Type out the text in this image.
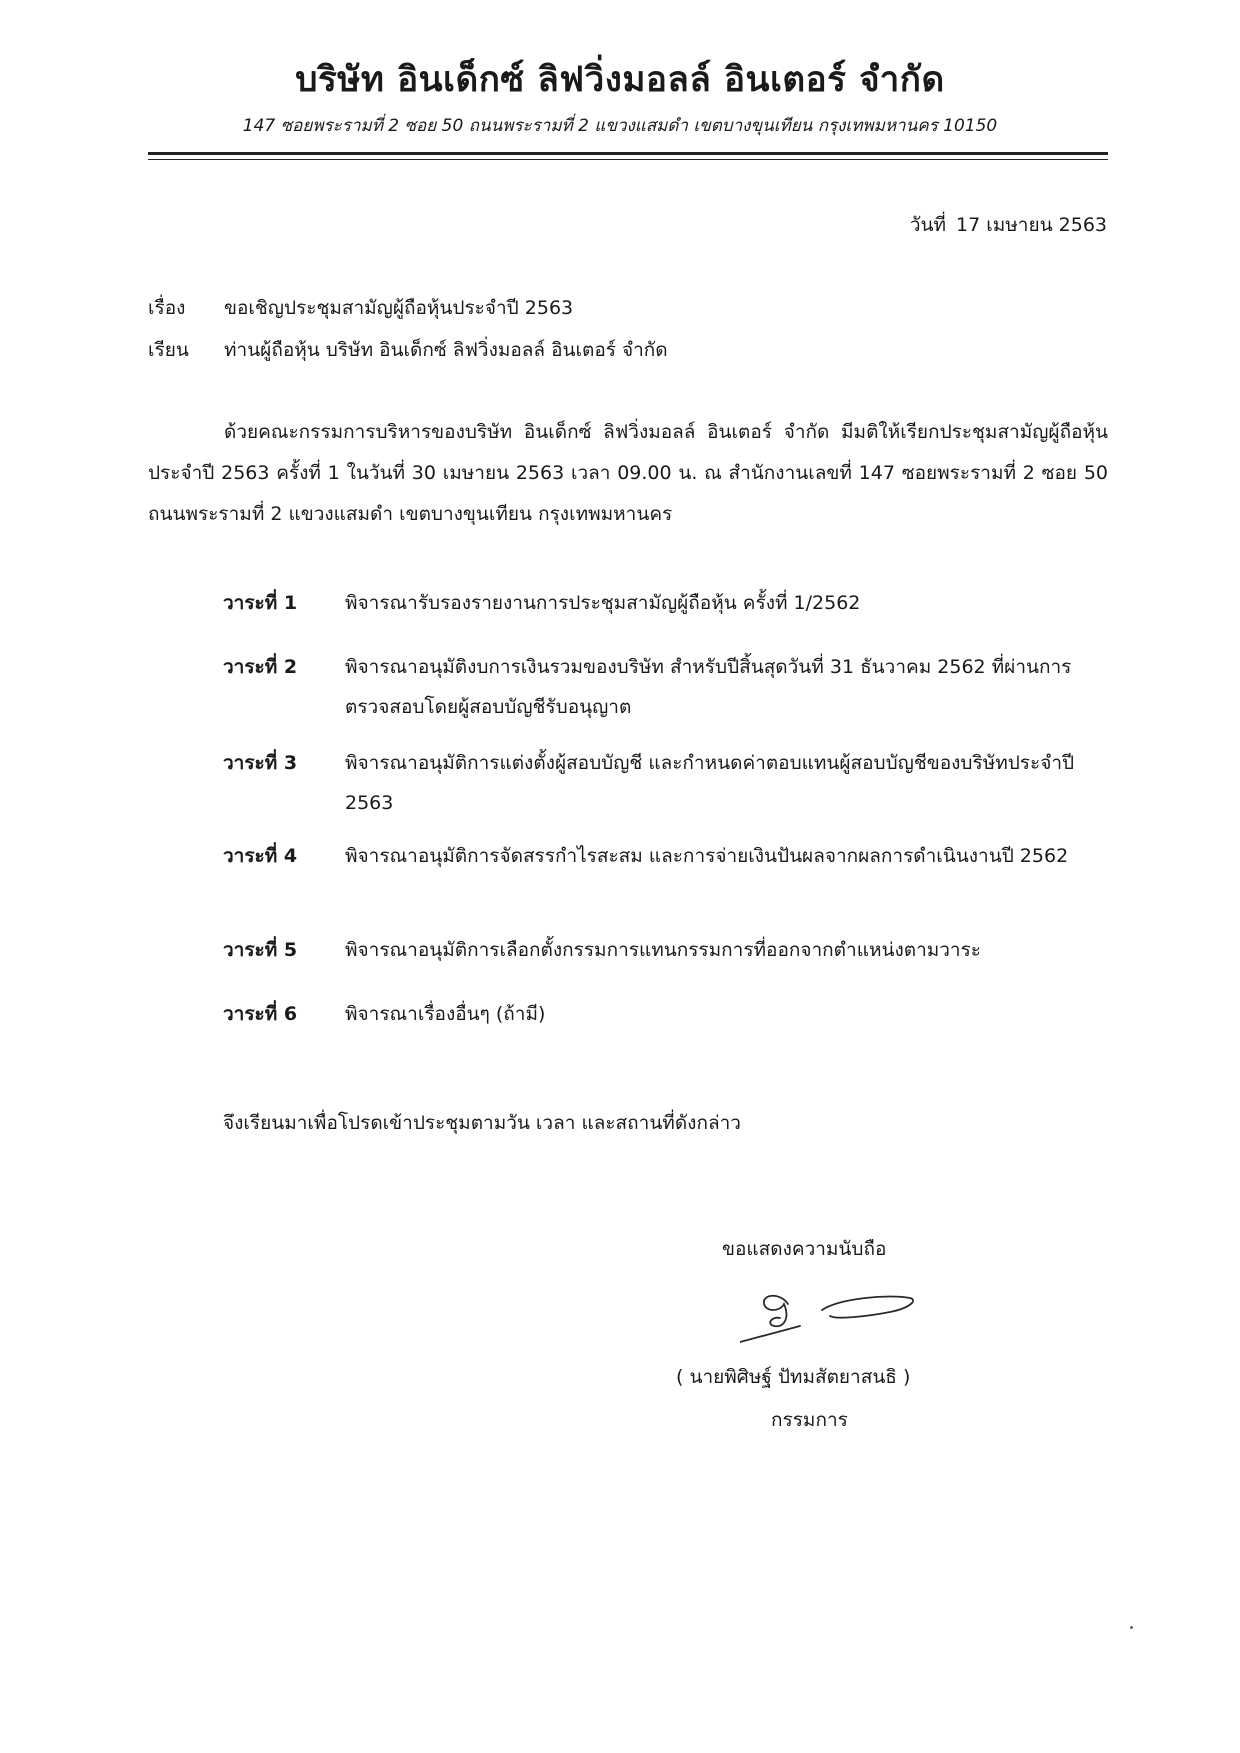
บริษัท อินเด็กซ์ ลิฟวิ่งมอลล์ อินเตอร์ จำกัด
147 ซอยพระรามที่ 2 ซอย 50 ถนนพระรามที่ 2 แขวงแสมดำ เขตบางขุนเทียน กรุงเทพมหานคร 10150
วันที่ 17 เมษายน 2563
เรื่อง ขอเชิญประชุมสามัญผู้ถือหุ้นประจำปี 2563
เรียน ท่านผู้ถือหุ้น บริษัท อินเด็กซ์ ลิฟวิ่งมอลล์ อินเตอร์ จำกัด
ด้วยคณะกรรมการบริหารของบริษัท อินเด็กซ์ ลิฟวิ่งมอลล์ อินเตอร์ จำกัด มีมติให้เรียกประชุมสามัญผู้ถือหุ้นประจำปี 2563 ครั้งที่ 1 ในวันที่ 30 เมษายน 2563 เวลา 09.00 น. ณ สำนักงานเลขที่ 147 ซอยพระรามที่ 2 ซอย 50 ถนนพระรามที่ 2 แขวงแสมดำ เขตบางขุนเทียน กรุงเทพมหานคร
วาระที่ 1	พิจารณารับรองรายงานการประชุมสามัญผู้ถือหุ้น ครั้งที่ 1/2562
วาระที่ 2	พิจารณาอนุมัติงบการเงินรวมของบริษัท สำหรับปีสิ้นสุดวันที่ 31 ธันวาคม 2562 ที่ผ่านการตรวจสอบโดยผู้สอบบัญชีรับอนุญาต
วาระที่ 3	พิจารณาอนุมัติการแต่งตั้งผู้สอบบัญชี และกำหนดค่าตอบแทนผู้สอบบัญชีของบริษัทประจำปี 2563
วาระที่ 4	พิจารณาอนุมัติการจัดสรรกำไรสะสม และการจ่ายเงินปันผลจากผลการดำเนินงานปี 2562
วาระที่ 5	พิจารณาอนุมัติการเลือกตั้งกรรมการแทนกรรมการที่ออกจากตำแหน่งตามวาระ
วาระที่ 6	พิจารณาเรื่องอื่นๆ (ถ้ามี)
จึงเรียนมาเพื่อโปรดเข้าประชุมตามวัน เวลา และสถานที่ดังกล่าว
ขอแสดงความนับถือ
( นายพิศิษฐ์ ปัทมสัตยาสนธิ )
กรรมการ
